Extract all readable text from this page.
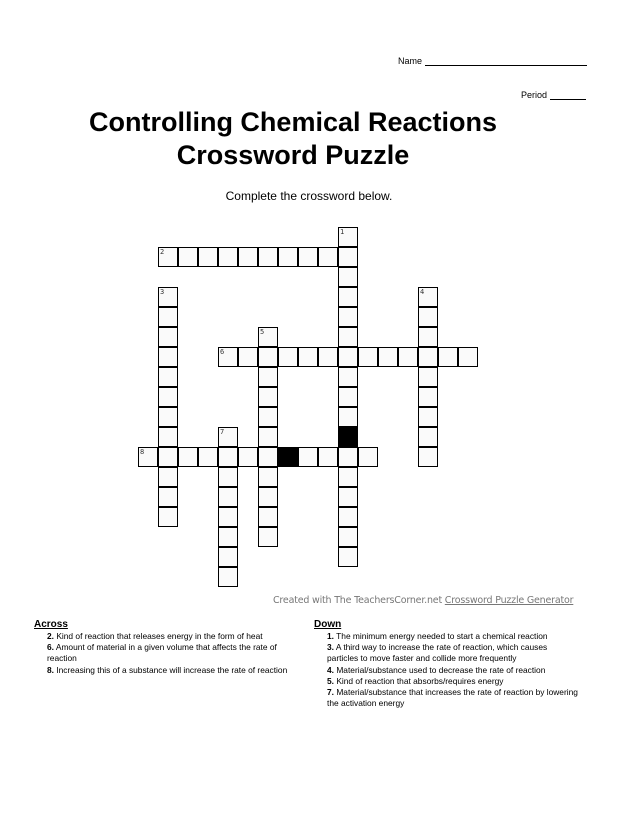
Name
Period
Controlling Chemical Reactions
Crossword Puzzle
Complete the crossword below.
1
2
3	4
5
6
7
8
Created with The TeachersCorner.net Crossword Puzzle Generator
Across
2. Kind of reaction that releases energy in the form of heat
6. Amount of material in a given volume that affects the rate of reaction
8. Increasing this of a substance will increase the rate of reaction
Down
1. The minimum energy needed to start a chemical reaction
3. A third way to increase the rate of reaction, which causes particles to move faster and collide more frequently
4. Material/substance used to decrease the rate of reaction
5. Kind of reaction that absorbs/requires energy
7. Material/substance that increases the rate of reaction by lowering the activation energy
